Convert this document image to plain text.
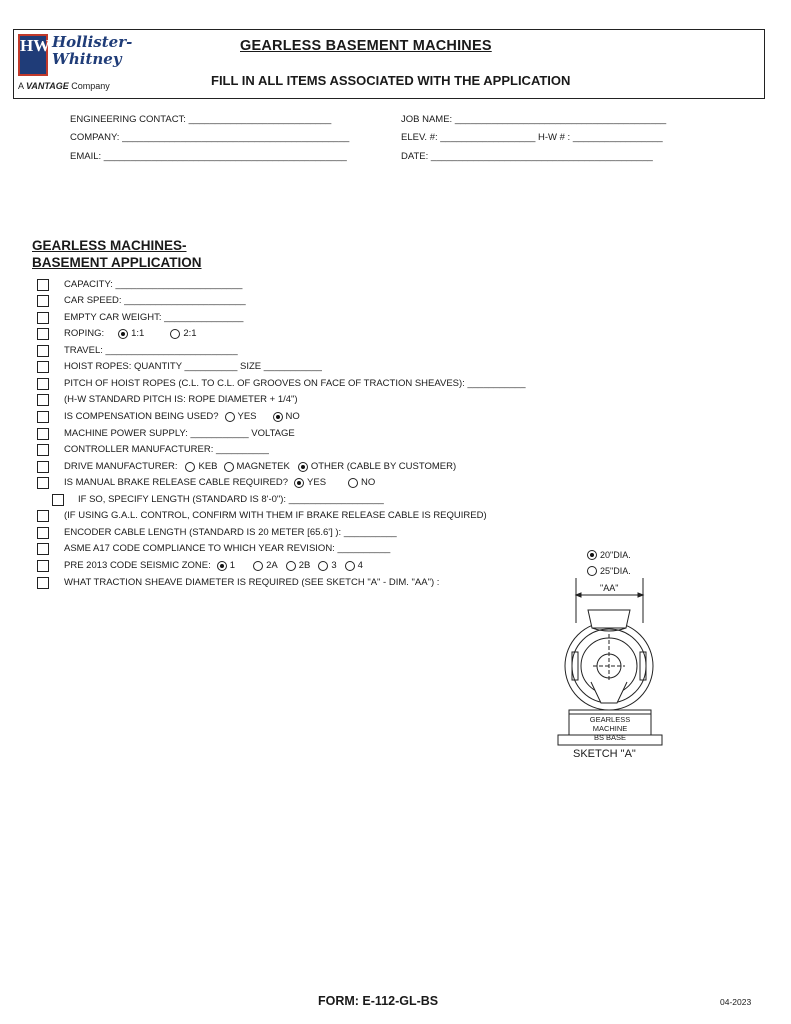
HW Hollister-
Whitney
A VANTAGE Company
GEARLESS BASEMENT MACHINES
FILL IN ALL ITEMS ASSOCIATED WITH THE APPLICATION
ENGINEERING CONTACT: ___________________________
COMPANY: ___________________________________________
EMAIL: ______________________________________________
JOB NAME: ________________________________________
ELEV. #: __________________ H-W # : _________________
DATE: __________________________________________
GEARLESS MACHINES-
BASEMENT APPLICATION
CAPACITY: ________________________
CAR SPEED: _______________________
EMPTY CAR WEIGHT: _______________
ROPING:	1:1	2:1
TRAVEL: _________________________
HOIST ROPES: QUANTITY __________ SIZE ___________
PITCH OF HOIST ROPES (C.L. TO C.L. OF GROOVES ON FACE OF TRACTION SHEAVES): ___________
(H-W STANDARD PITCH IS: ROPE DIAMETER + 1/4")
IS COMPENSATION BEING USED? YES	NO
MACHINE POWER SUPPLY: ___________ VOLTAGE
CONTROLLER MANUFACTURER: __________
DRIVE MANUFACTURER: KEB MAGNETEK OTHER (CABLE BY CUSTOMER)
IS MANUAL BRAKE RELEASE CABLE REQUIRED? YES	NO
IF SO, SPECIFY LENGTH (STANDARD IS 8'-0"): __________________
(IF USING G.A.L. CONTROL, CONFIRM WITH THEM IF BRAKE RELEASE CABLE IS REQUIRED)
ENCODER CABLE LENGTH (STANDARD IS 20 METER [65.6'] ): __________
ASME A17 CODE COMPLIANCE TO WHICH YEAR REVISION: __________
PRE 2013 CODE SEISMIC ZONE: 1	2A 2B 3 4
WHAT TRACTION SHEAVE DIAMETER IS REQUIRED (SEE SKETCH "A" - DIM. "AA") :
20"DIA.
25"DIA.
"AA"
GEARLESS
MACHINE
BS BASE
SKETCH "A"
FORM: E-112-GL-BS	04-2023
